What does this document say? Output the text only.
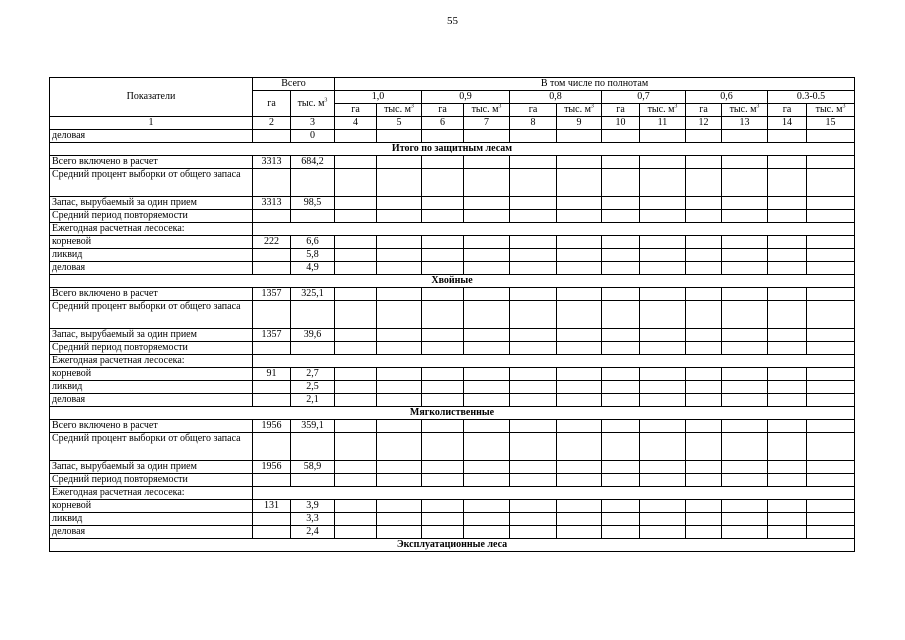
55
Показатели	Всего		В том числе по полнотам											
	га	тыс. $м^3$	1,0		0,9		0,8		0,7		0,6		0.3-0.5	
			га	тыс. $м^3$	га	тыс. $м^3$	га	тыс. $м^3$	га	тыс. $м^3$	га	тыс. $м^3$	га	тыс. $м^3$
1	2	3	4	5	6	7	8	9	10	11	12	13	14	15
деловая		0												
Итого по защитным лесам														
Всего включено в расчет	3313	684,2												
Средний процент выборки от общего запаса														
Запас, вырубаемый за один прием	3313	98,5												
Средний период повторяемости														
Ежегодная расчетная лесосека:														
корневой	222	6,6												
ликвид		5,8												
деловая		4,9												
Хвойные														
Всего включено в расчет	1357	325,1												
Средний процент выборки от общего запаса														
Запас, вырубаемый за один прием	1357	39,6												
Средний период повторяемости														
Ежегодная расчетная лесосека:														
корневой	91	2,7												
ликвид		2,5												
деловая		2,1												
Мягколиственные														
Всего включено в расчет	1956	359,1												
Средний процент выборки от общего запаса														
Запас, вырубаемый за один прием	1956	58,9												
Средний период повторяемости														
Ежегодная расчетная лесосека:														
корневой	131	3,9												
ликвид		3,3												
деловая		2,4												
Эксплуатационные леса														
